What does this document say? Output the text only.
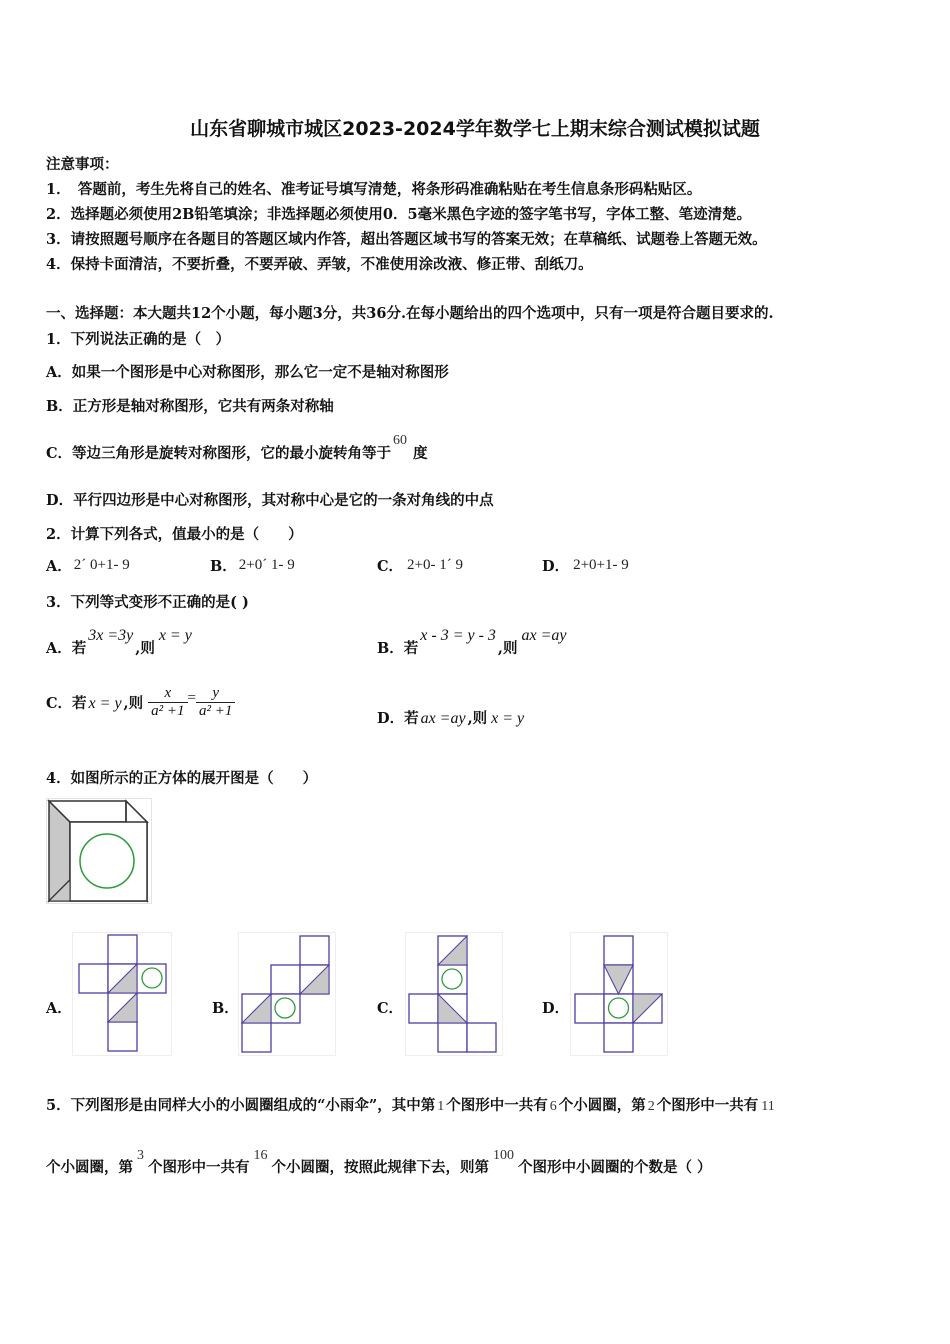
山东省聊城市城区2023-2024学年数学七上期末综合测试模拟试题
注意事项：
1．　答题前，考生先将自己的姓名、准考证号填写清楚，将条形码准确粘贴在考生信息条形码粘贴区。
2．选择题必须使用2B铅笔填涂；非选择题必须使用0．5毫米黑色字迹的签字笔书写，字体工整、笔迹清楚。
3．请按照题号顺序在各题目的答题区域内作答，超出答题区域书写的答案无效；在草稿纸、试题卷上答题无效。
4．保持卡面清洁，不要折叠，不要弄破、弄皱，不准使用涂改液、修正带、刮纸刀。
一、选择题：本大题共12个小题，每小题3分，共36分.在每小题给出的四个选项中，只有一项是符合题目要求的.
1．下列说法正确的是（　）
A．如果一个图形是中心对称图形，那么它一定不是轴对称图形
B．正方形是轴对称图形，它共有两条对称轴
C．等边三角形是旋转对称图形，它的最小旋转角等于60度
D．平行四边形是中心对称图形，其对称中心是它的一条对角线的中点
2．计算下列各式，值最小的是（　　）
A． 2´ 0+1- 9	B． 2+0´ 1- 9	C． 2+0- 1´ 9	D． 2+0+1- 9
3．下列等式变形不正确的是( )
A．若3x =3y,则x = y
B．若x - 3 = y - 3,则ax =ay
C．若 x = y ,则 $\frac{x}{\text{a² +1}} = \frac{y}{\text{a² +1}}$	D．若 ax =ay ,则 x = y
4．如图所示的正方体的展开图是（　　）
A．	B．	C．	D．
5．下列图形是由同样大小的小圆圈组成的“小雨伞”，其中第 1 个图形中一共有 6 个小圆圈，第 2 个图形中一共有 11
个小圆圈，第3个图形中一共有16个小圆圈，按照此规律下去，则第100个图形中小圆圈的个数是（ ）
